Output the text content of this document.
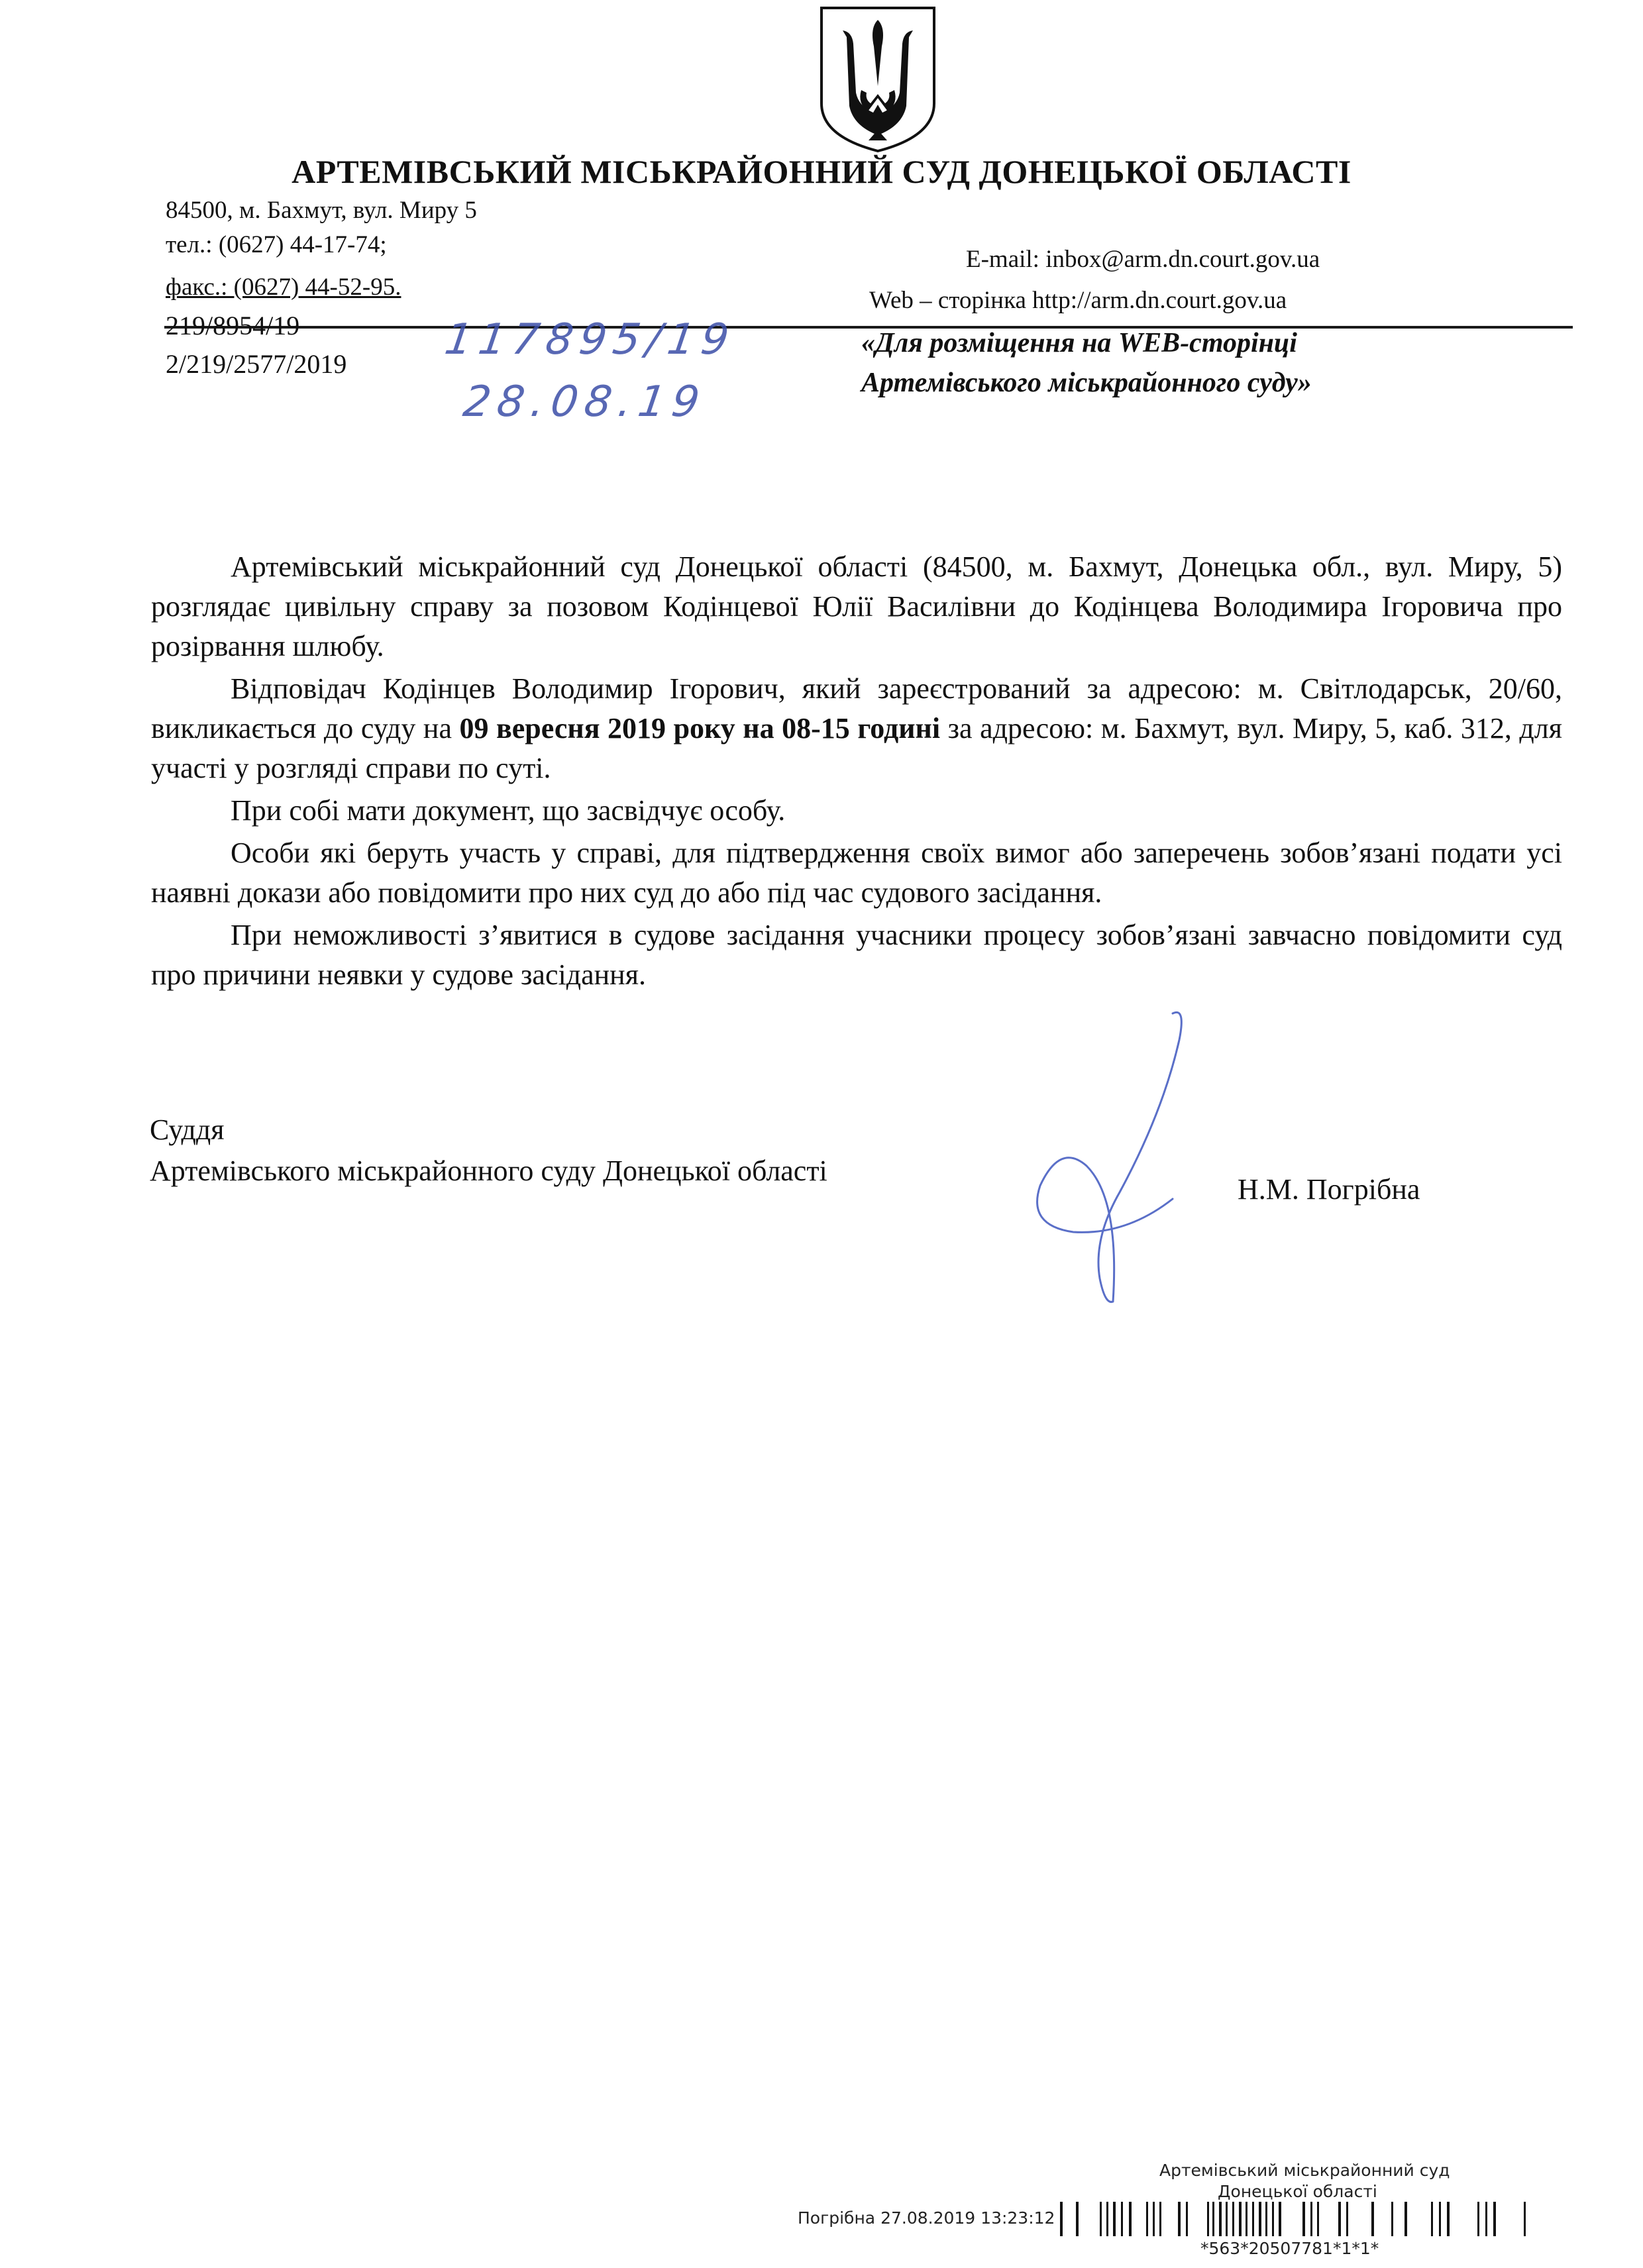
АРТЕМІВСЬКИЙ МІСЬКРАЙОННИЙ СУД ДОНЕЦЬКОЇ ОБЛАСТІ
84500, м. Бахмут, вул. Миру 5
тел.: (0627) 44-17-74;
факс.: (0627) 44-52-95.
E-mail: inbox@arm.dn.court.gov.ua
Web – сторінка http://arm.dn.court.gov.ua
219/8954/19
2/219/2577/2019 117895/19
28.08.19
«Для розміщення на WEB-сторінці
Артемівського міськрайонного суду»

Артемівський міськрайонний суд Донецької області (84500, м. Бахмут, Донецька обл., вул. Миру, 5) розглядає цивільну справу за позовом Кодінцевої Юлії Василівни до Кодінцева Володимира Ігоровича про розірвання шлюбу.

Відповідач Кодінцев Володимир Ігорович, який зареєстрований за адресою: м. Світлодарськ, 20/60, викликається до суду на 09 вересня 2019 року на 08-15 годині за адресою: м. Бахмут, вул. Миру, 5, каб. 312, для участі у розгляді справи по суті.

При собі мати документ, що засвідчує особу.

Особи які беруть участь у справі, для підтвердження своїх вимог або заперечень зобов’язані подати усі наявні докази або повідомити про них суд до або під час судового засідання.

При неможливості з’явитися в судове засідання учасники процесу зобов’язані завчасно повідомити суд про причини неявки у судове засідання.

Суддя
Артемівського міськрайонного суду Донецької області
Н.М. Погрібна
Артемівський міськрайонний суд
Донецької області
Погрібна 27.08.2019 13:23:12
*563*20507781*1*1*
